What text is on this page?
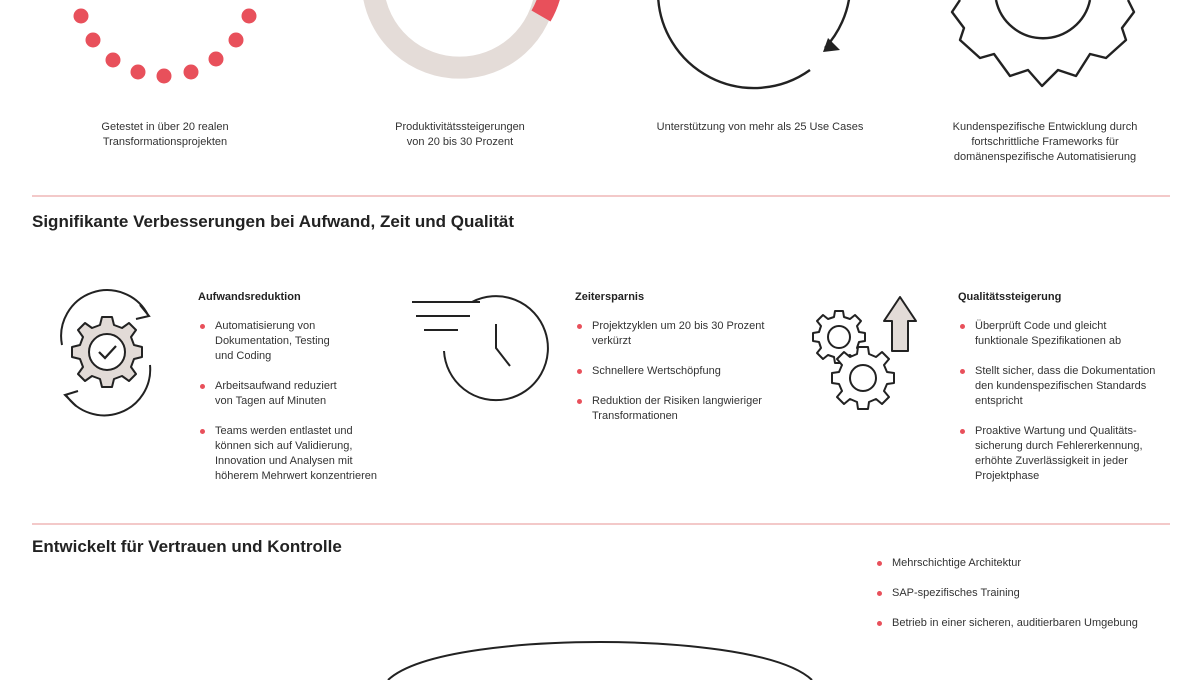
Getestet in über 20 realen
Transformationsprojekten
Produktivitätssteigerungen
von 20 bis 30 Prozent
Unterstützung von mehr als 25 Use Cases	Kundenspezifische Entwicklung durch
fortschrittliche Frameworks für
domänenspezifische Automatisierung
Signifikante Verbesserungen bei Aufwand, Zeit und Qualität
Aufwandsreduktion
Automatisierung von
Dokumentation, Testing
und Coding
Arbeitsaufwand reduziert
von Tagen auf Minuten
Teams werden entlastet und
können sich auf Validierung,
Innovation und Analysen mit
höherem Mehrwert konzentrieren
Zeitersparnis
Projektzyklen um 20 bis 30 Prozent
verkürzt
Schnellere Wertschöpfung
Reduktion der Risiken langwieriger
Transformationen
Qualitätssteigerung
Überprüft Code und gleicht
funktionale Spezifikationen ab
Stellt sicher, dass die Dokumentation
den kundenspezifischen Standards
entspricht
Proaktive Wartung und Qualitäts-
sicherung durch Fehlererkennung,
erhöhte Zuverlässigkeit in jeder
Projektphase
Entwickelt für Vertrauen und Kontrolle
Mehrschichtige Architektur
SAP-spezifisches Training
Betrieb in einer sicheren, auditierbaren Umgebung
